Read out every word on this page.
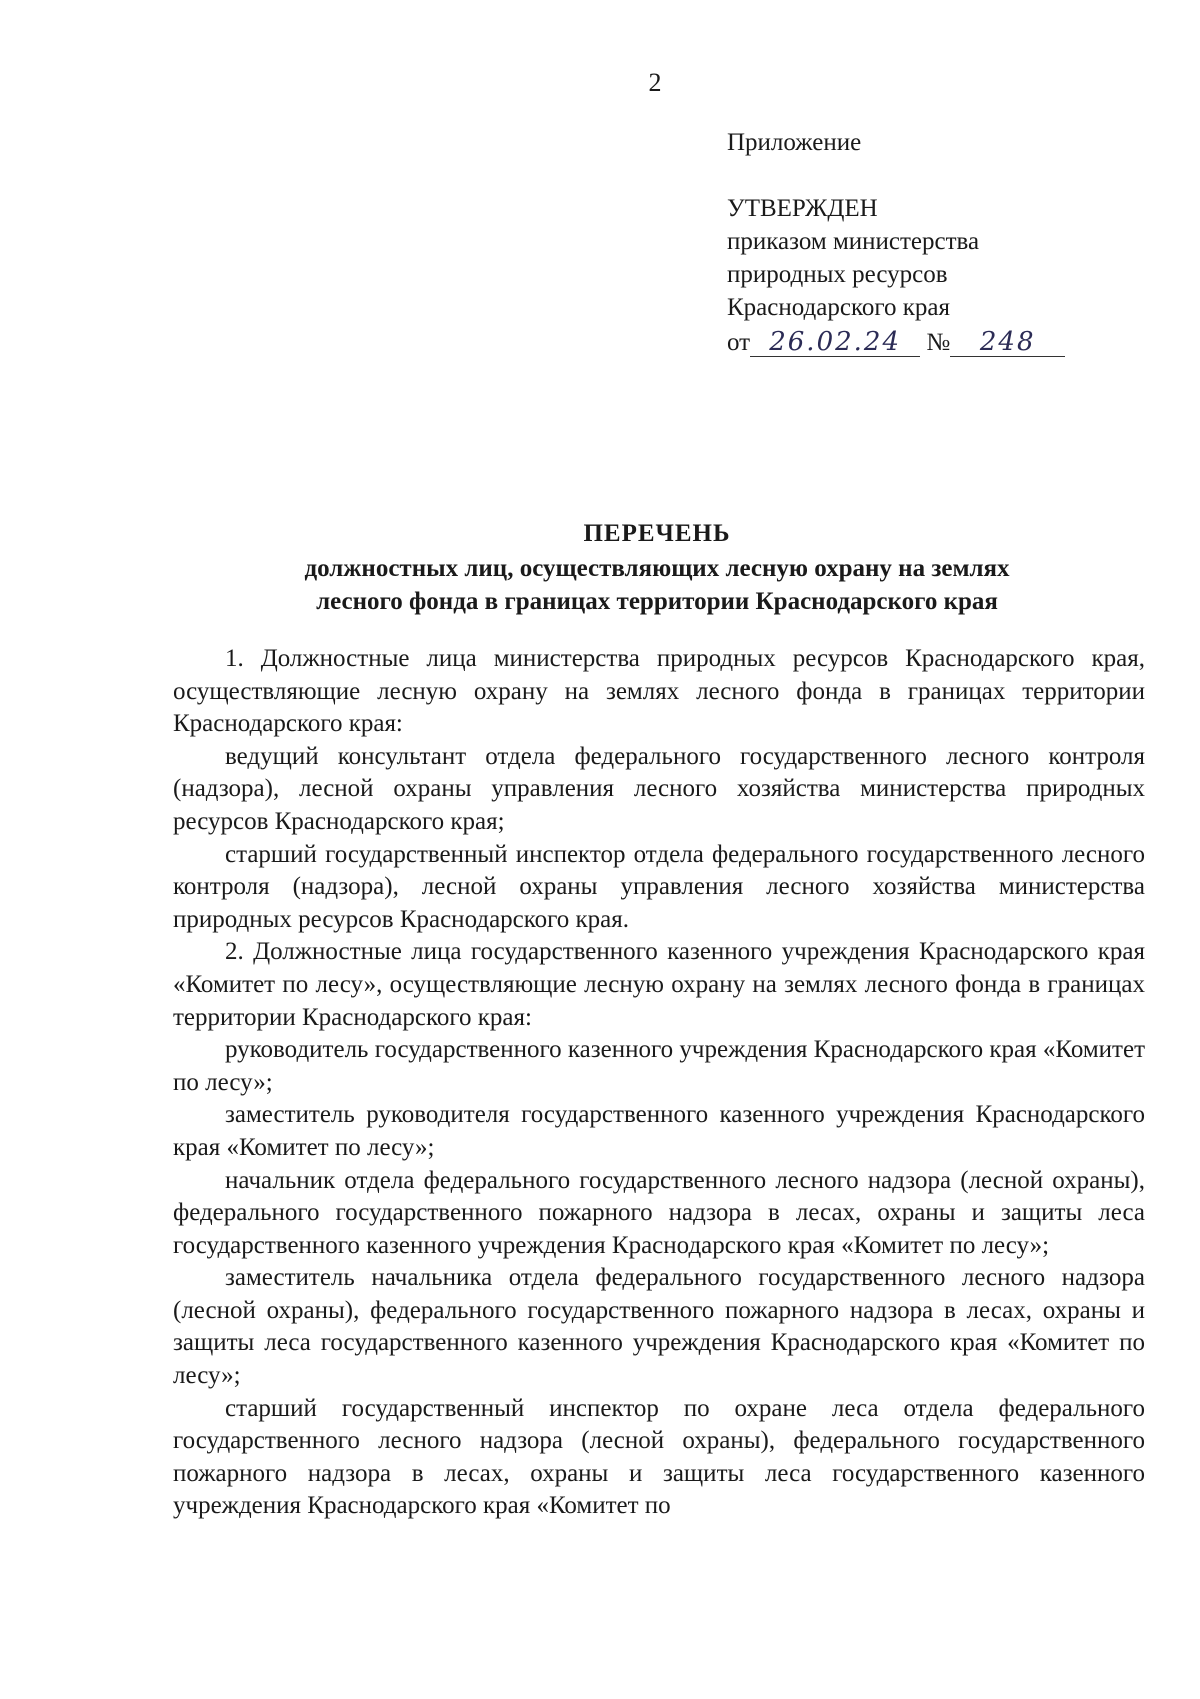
2
Приложение
УТВЕРЖДЕН
приказом министерства
природных ресурсов
Краснодарского края
от 26.02.24 № 248
ПЕРЕЧЕНЬ
должностных лиц, осуществляющих лесную охрану на землях
лесного фонда в границах территории Краснодарского края

1. Должностные лица министерства природных ресурсов Краснодарского края, осуществляющие лесную охрану на землях лесного фонда в границах территории Краснодарского края:

ведущий консультант отдела федерального государственного лесного контроля (надзора), лесной охраны управления лесного хозяйства министерства природных ресурсов Краснодарского края;

старший государственный инспектор отдела федерального государственного лесного контроля (надзора), лесной охраны управления лесного хозяйства министерства природных ресурсов Краснодарского края.

2. Должностные лица государственного казенного учреждения Краснодарского края «Комитет по лесу», осуществляющие лесную охрану на землях лесного фонда в границах территории Краснодарского края:

руководитель государственного казенного учреждения Краснодарского края «Комитет по лесу»;

заместитель руководителя государственного казенного учреждения Краснодарского края «Комитет по лесу»;

начальник отдела федерального государственного лесного надзора (лесной охраны), федерального государственного пожарного надзора в лесах, охраны и защиты леса государственного казенного учреждения Краснодарского края «Комитет по лесу»;

заместитель начальника отдела федерального государственного лесного надзора (лесной охраны), федерального государственного пожарного надзора в лесах, охраны и защиты леса государственного казенного учреждения Краснодарского края «Комитет по лесу»;

старший государственный инспектор по охране леса отдела федерального государственного лесного надзора (лесной охраны), федерального государственного пожарного надзора в лесах, охраны и защиты леса государственного казенного учреждения Краснодарского края «Комитет по
